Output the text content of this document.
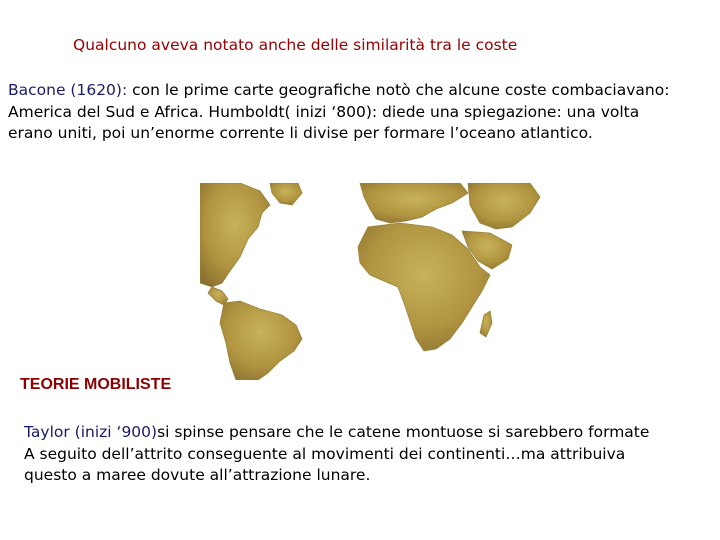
Qualcuno aveva notato anche delle similarità tra le coste

Bacone (1620): con le prime carte geografiche notò che alcune coste combaciavano:
America del Sud e Africa. Humboldt( inizi ‘800): diede una spiegazione: una volta
erano uniti, poi un’enorme corrente li divise per formare l’oceano atlantico.

TEORIE MOBILISTE

Taylor (inizi ‘900)si spinse pensare che le catene montuose si sarebbero formate
A seguito dell’attrito conseguente al movimenti dei continenti…ma attribuiva
questo a maree dovute all’attrazione lunare.
